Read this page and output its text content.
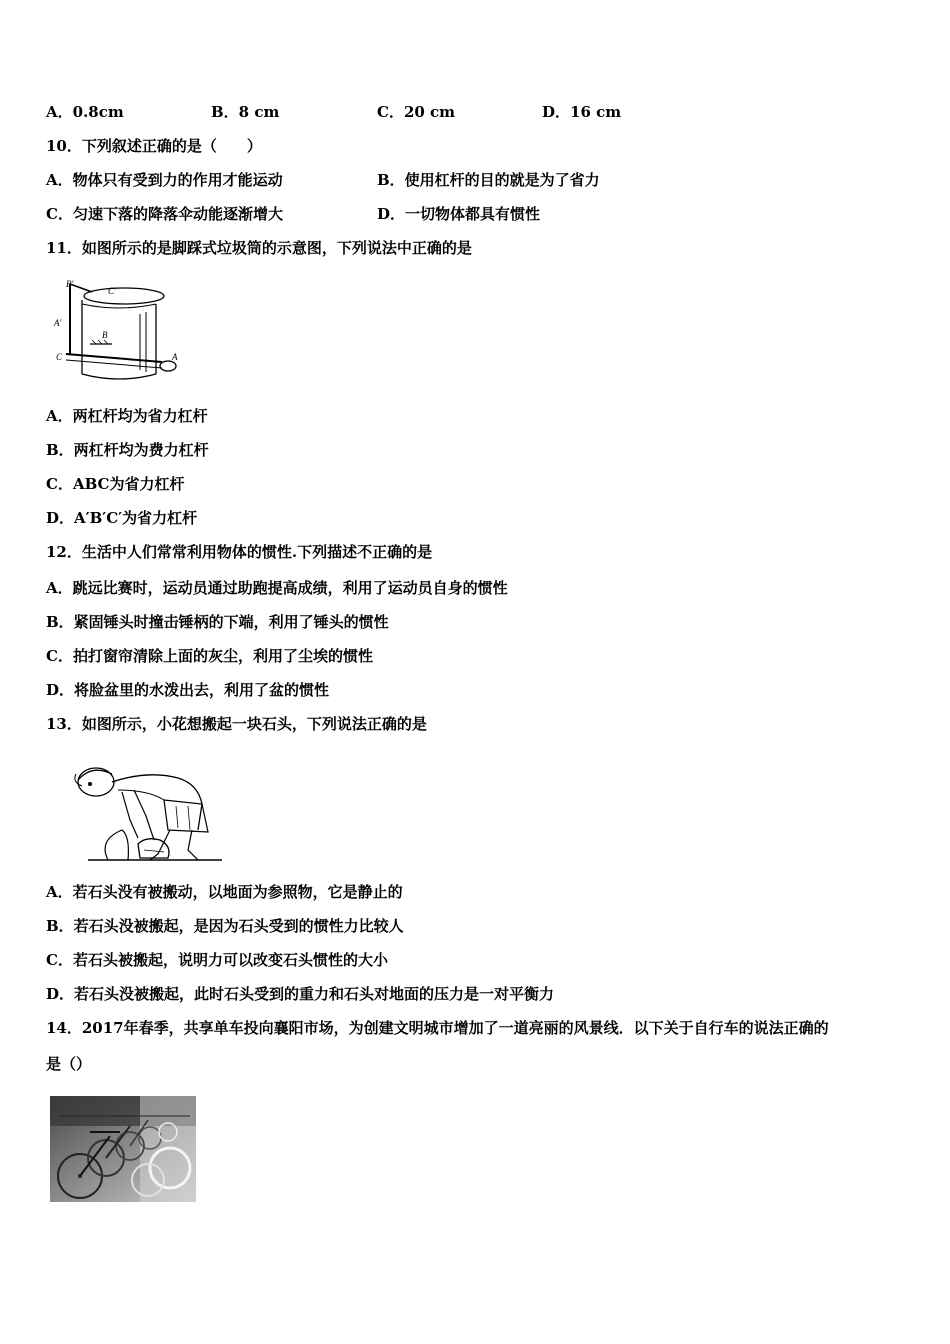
A．0.8cm	B．8 cm	C．20 cm	D．16 cm
10．下列叙述正确的是（　　）
A．物体只有受到力的作用才能运动	B．使用杠杆的目的就是为了省力
C．匀速下落的降落伞动能逐渐增大	D．一切物体都具有惯性
11．如图所示的是脚踩式垃圾筒的示意图，下列说法中正确的是
B'
C'
A'
B
C	A
A．两杠杆均为省力杠杆
B．两杠杆均为费力杠杆
C．ABC为省力杠杆
D．A′B′C′为省力杠杆
12．生活中人们常常利用物体的惯性.下列描述不正确的是
A．跳远比赛时，运动员通过助跑提高成绩，利用了运动员自身的惯性
B．紧固锤头时撞击锤柄的下端，利用了锤头的惯性
C．拍打窗帘清除上面的灰尘，利用了尘埃的惯性
D．将脸盆里的水泼出去，利用了盆的惯性
13．如图所示，小花想搬起一块石头，下列说法正确的是
A．若石头没有被搬动，以地面为参照物，它是静止的
B．若石头没被搬起，是因为石头受到的惯性力比较人
C．若石头被搬起，说明力可以改变石头惯性的大小
D．若石头没被搬起，此时石头受到的重力和石头对地面的压力是一对平衡力
14．2017年春季，共享单车投向襄阳市场，为创建文明城市增加了一道亮丽的风景线．以下关于自行车的说法正确的
是（）
